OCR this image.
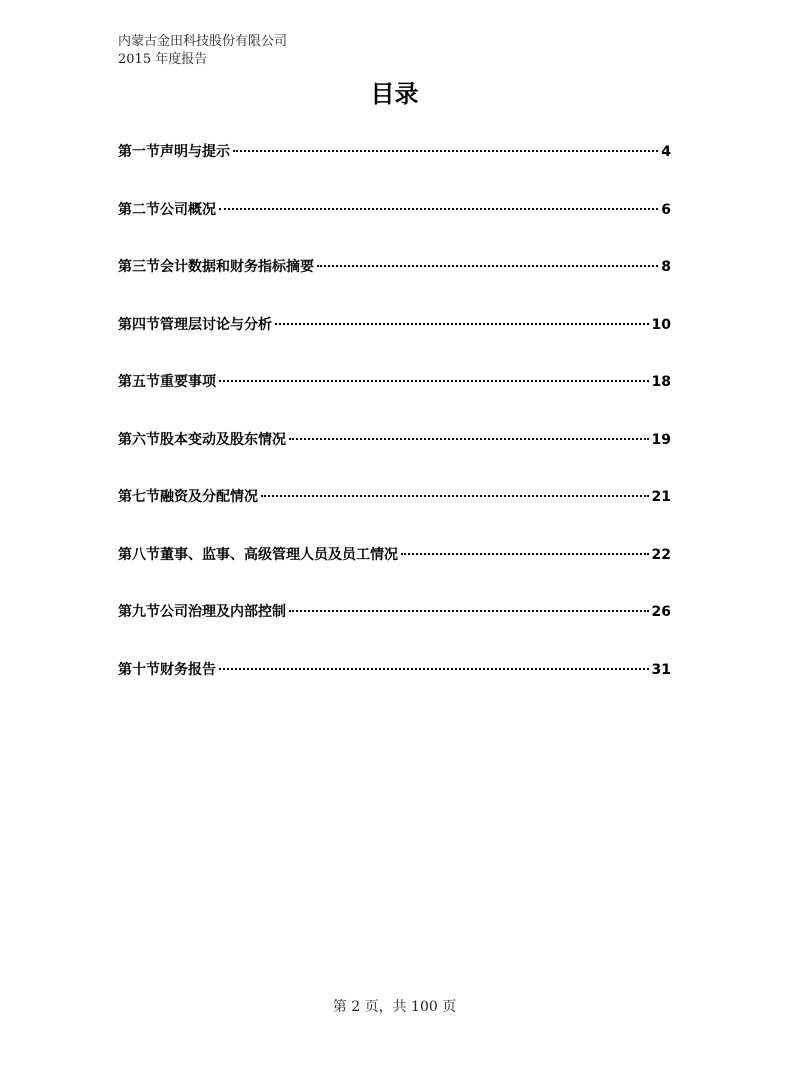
内蒙古金田科技股份有限公司
2015 年度报告
目录
第一节声明与提示	4
第二节公司概况	6
第三节会计数据和财务指标摘要	8
第四节管理层讨论与分析	10
第五节重要事项	18
第六节股本变动及股东情况	19
第七节融资及分配情况	21
第八节董事、监事、高级管理人员及员工情况	22
第九节公司治理及内部控制	26
第十节财务报告	31
第 2 页，共 100 页
